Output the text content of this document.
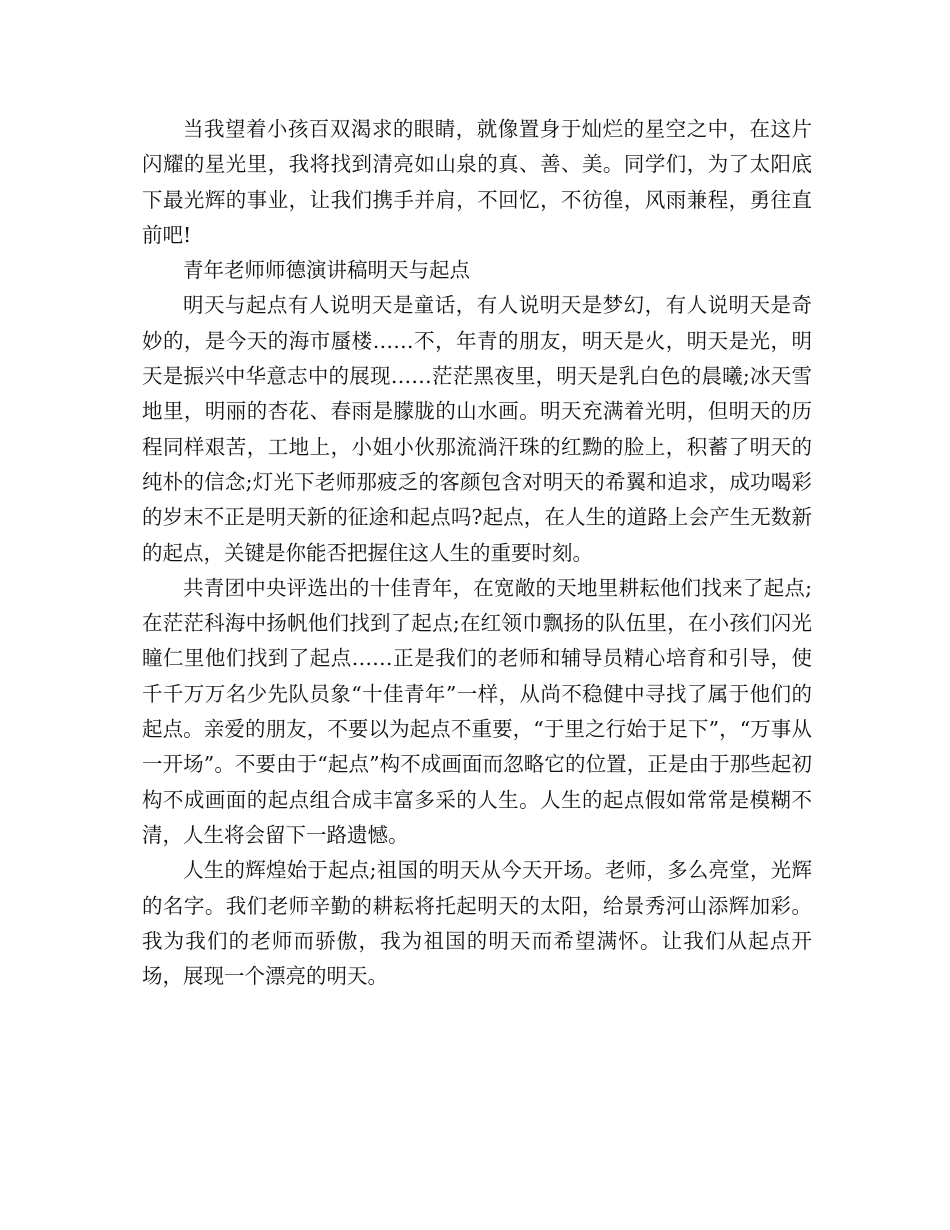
当我望着小孩百双渴求的眼睛，就像置身于灿烂的星空之中，在这片闪耀的星光里，我将找到清亮如山泉的真、善、美。同学们，为了太阳底下最光辉的事业，让我们携手并肩，不回忆，不彷徨，风雨兼程，勇往直前吧!

青年老师师德演讲稿明天与起点

明天与起点有人说明天是童话，有人说明天是梦幻，有人说明天是奇妙的，是今天的海市蜃楼……不，年青的朋友，明天是火，明天是光，明天是振兴中华意志中的展现……茫茫黑夜里，明天是乳白色的晨曦;冰天雪地里，明丽的杏花、春雨是朦胧的山水画。明天充满着光明，但明天的历程同样艰苦，工地上，小姐小伙那流淌汗珠的红黝的脸上，积蓄了明天的纯朴的信念;灯光下老师那疲乏的客颜包含对明天的希翼和追求，成功喝彩的岁末不正是明天新的征途和起点吗?起点，在人生的道路上会产生无数新的起点，关键是你能否把握住这人生的重要时刻。

共青团中央评选出的十佳青年，在宽敞的天地里耕耘他们找来了起点;在茫茫科海中扬帆他们找到了起点;在红领巾飘扬的队伍里，在小孩们闪光瞳仁里他们找到了起点……正是我们的老师和辅导员精心培育和引导，使千千万万名少先队员象“十佳青年”一样，从尚不稳健中寻找了属于他们的起点。亲爱的朋友，不要以为起点不重要，“于里之行始于足下”，“万事从一开场”。不要由于“起点”构不成画面而忽略它的位置，正是由于那些起初构不成画面的起点组合成丰富多采的人生。人生的起点假如常常是模糊不清，人生将会留下一路遗憾。

人生的辉煌始于起点;祖国的明天从今天开场。老师，多么亮堂，光辉的名字。我们老师辛勤的耕耘将托起明天的太阳，给景秀河山添辉加彩。我为我们的老师而骄傲，我为祖国的明天而希望满怀。让我们从起点开场，展现一个漂亮的明天。
